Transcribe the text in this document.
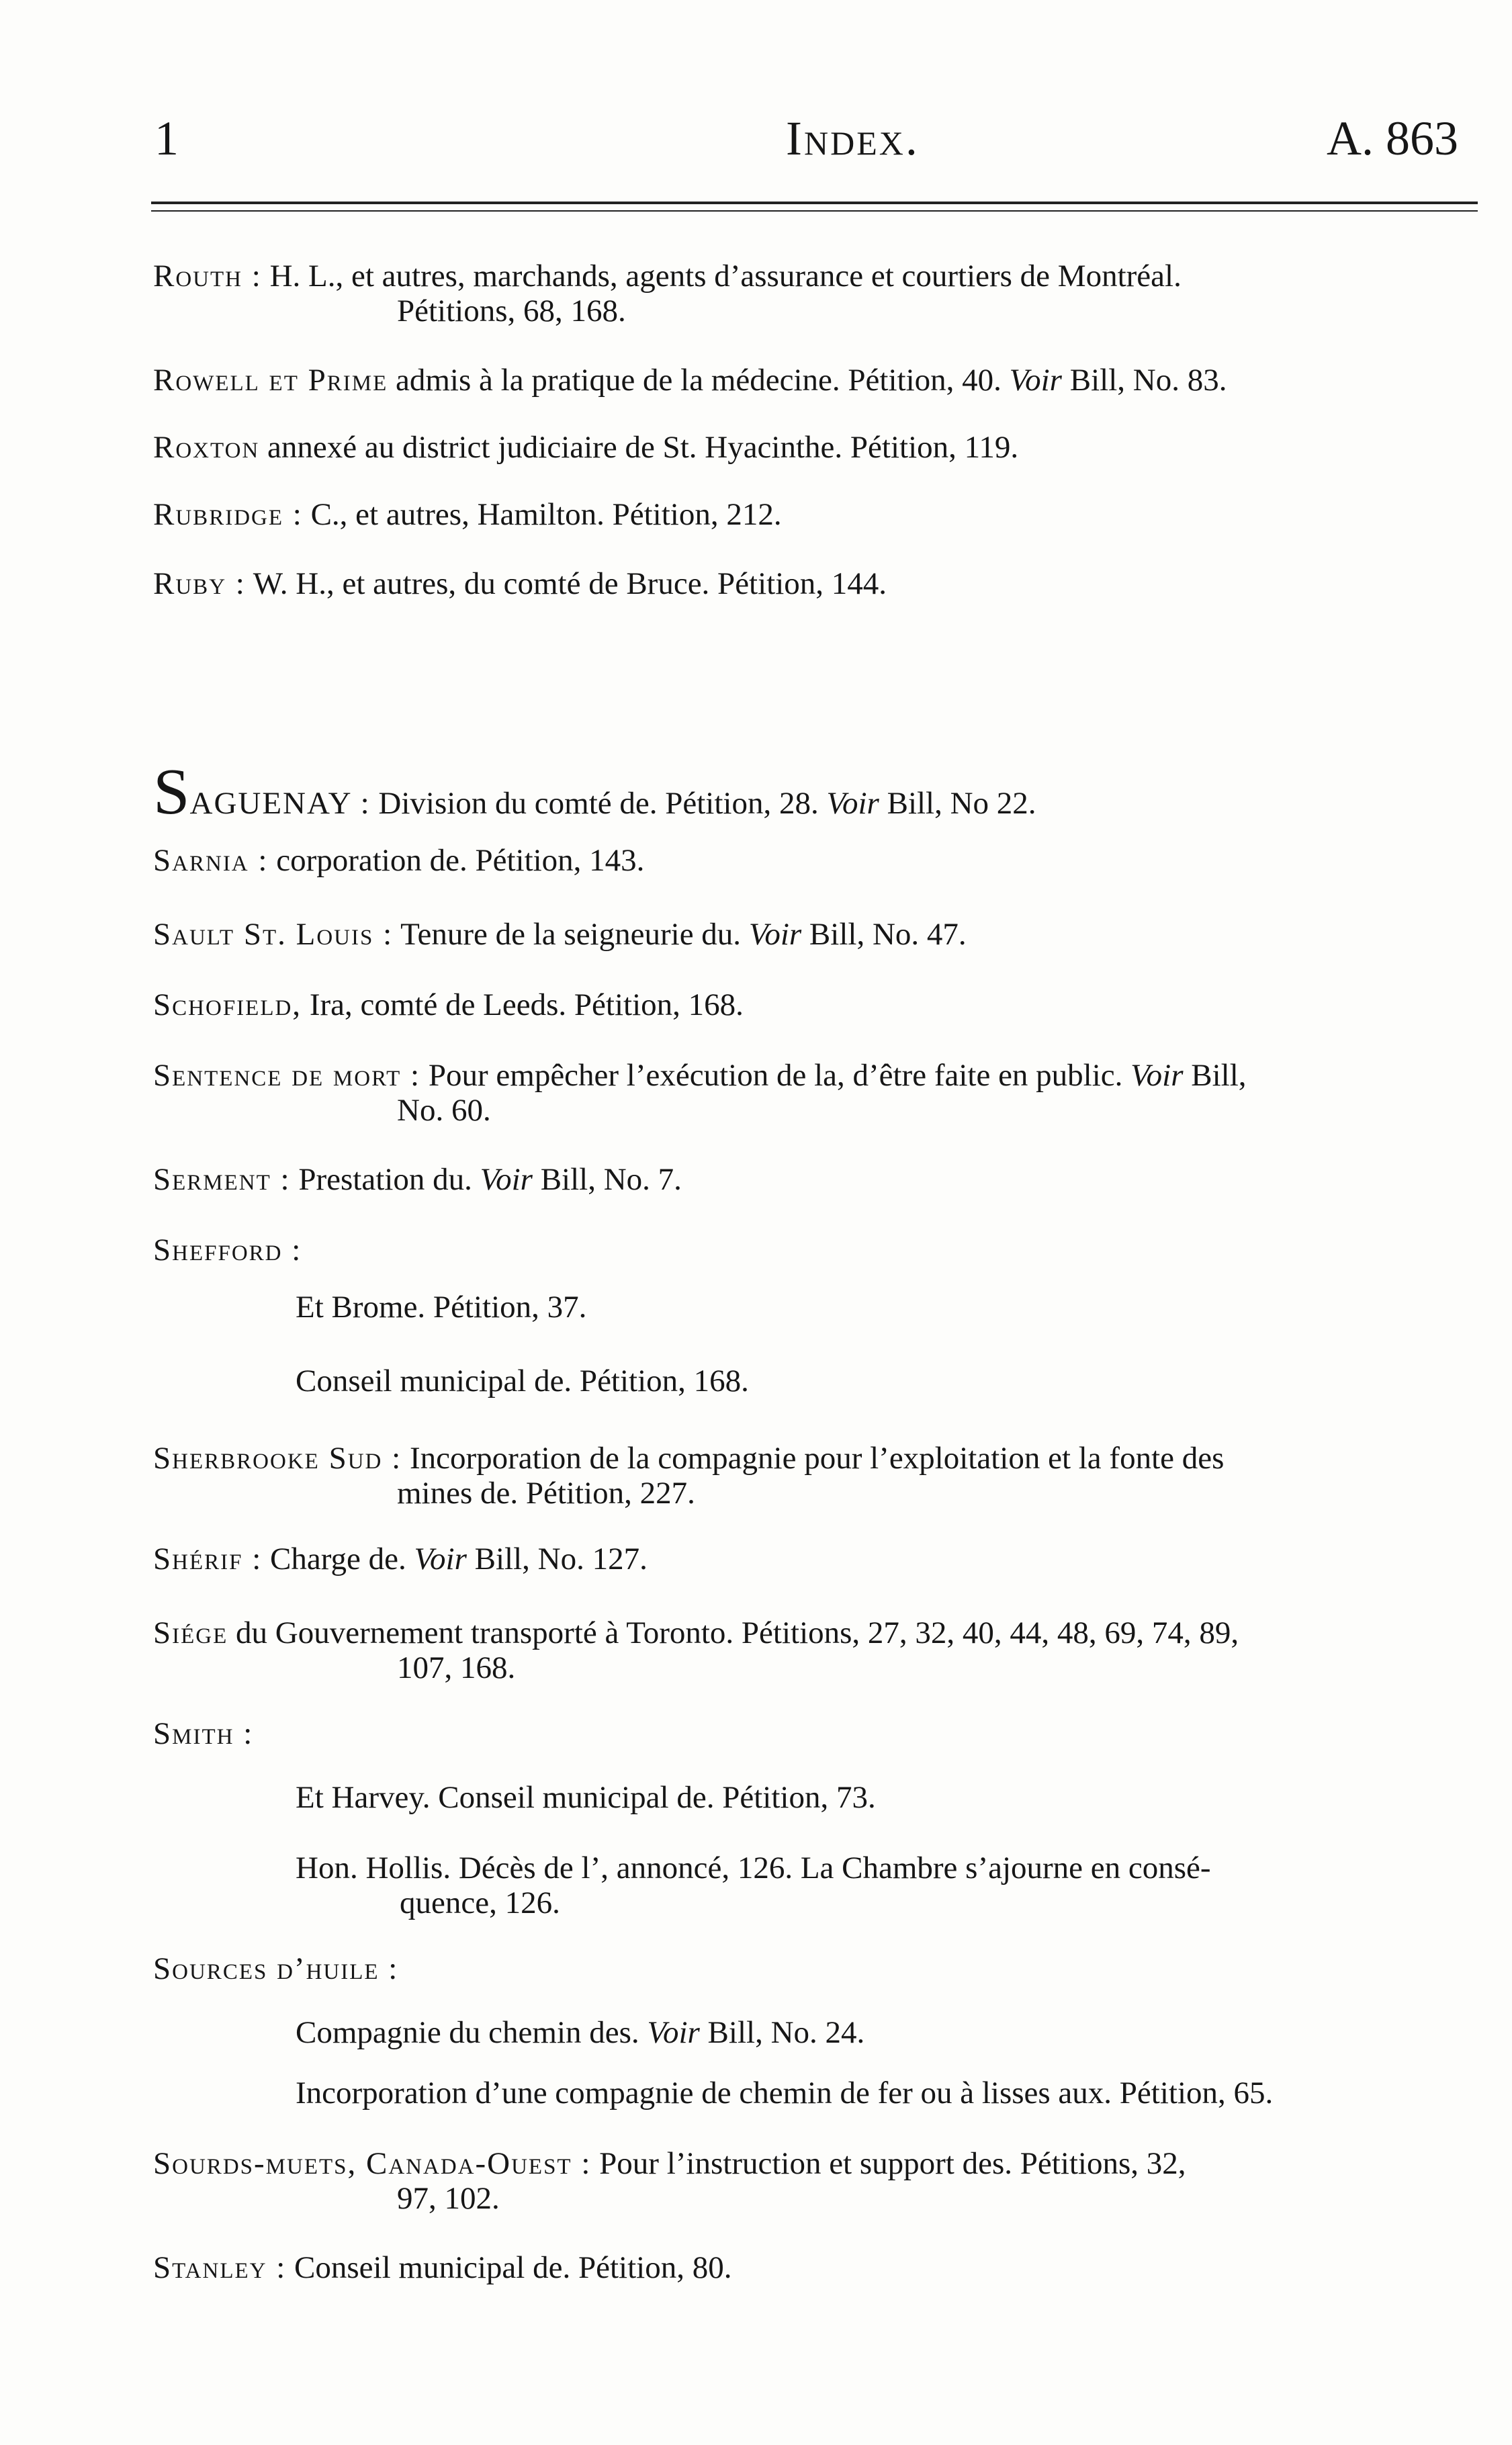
1	Index.	A. 863
Routh : H. L., et autres, marchands, agents d’assurance et courtiers de Montréal.
Pétitions, 68, 168.
Rowell et Prime admis à la pratique de la médecine. Pétition, 40. Voir Bill, No. 83.
Roxton annexé au district judiciaire de St. Hyacinthe. Pétition, 119.
Rubridge : C., et autres, Hamilton. Pétition, 212.
Ruby : W. H., et autres, du comté de Bruce. Pétition, 144.
SAGUENAY : Division du comté de. Pétition, 28. Voir Bill, No 22.
Sarnia : corporation de. Pétition, 143.
Sault St. Louis : Tenure de la seigneurie du. Voir Bill, No. 47.
Schofield, Ira, comté de Leeds. Pétition, 168.
Sentence de mort : Pour empêcher l’exécution de la, d’être faite en public. Voir Bill,
No. 60.
Serment : Prestation du. Voir Bill, No. 7.
Shefford :
Et Brome. Pétition, 37.
Conseil municipal de. Pétition, 168.
Sherbrooke Sud : Incorporation de la compagnie pour l’exploitation et la fonte des
mines de. Pétition, 227.
Shérif : Charge de. Voir Bill, No. 127.
Siége du Gouvernement transporté à Toronto. Pétitions, 27, 32, 40, 44, 48, 69, 74, 89,
107, 168.
Smith :
Et Harvey. Conseil municipal de. Pétition, 73.
Hon. Hollis. Décès de l’, annoncé, 126. La Chambre s’ajourne en consé-
quence, 126.
Sources d’huile :
Compagnie du chemin des. Voir Bill, No. 24.
Incorporation d’une compagnie de chemin de fer ou à lisses aux. Pétition, 65.
Sourds-muets, Canada-Ouest : Pour l’instruction et support des. Pétitions, 32,
97, 102.
Stanley : Conseil municipal de. Pétition, 80.
